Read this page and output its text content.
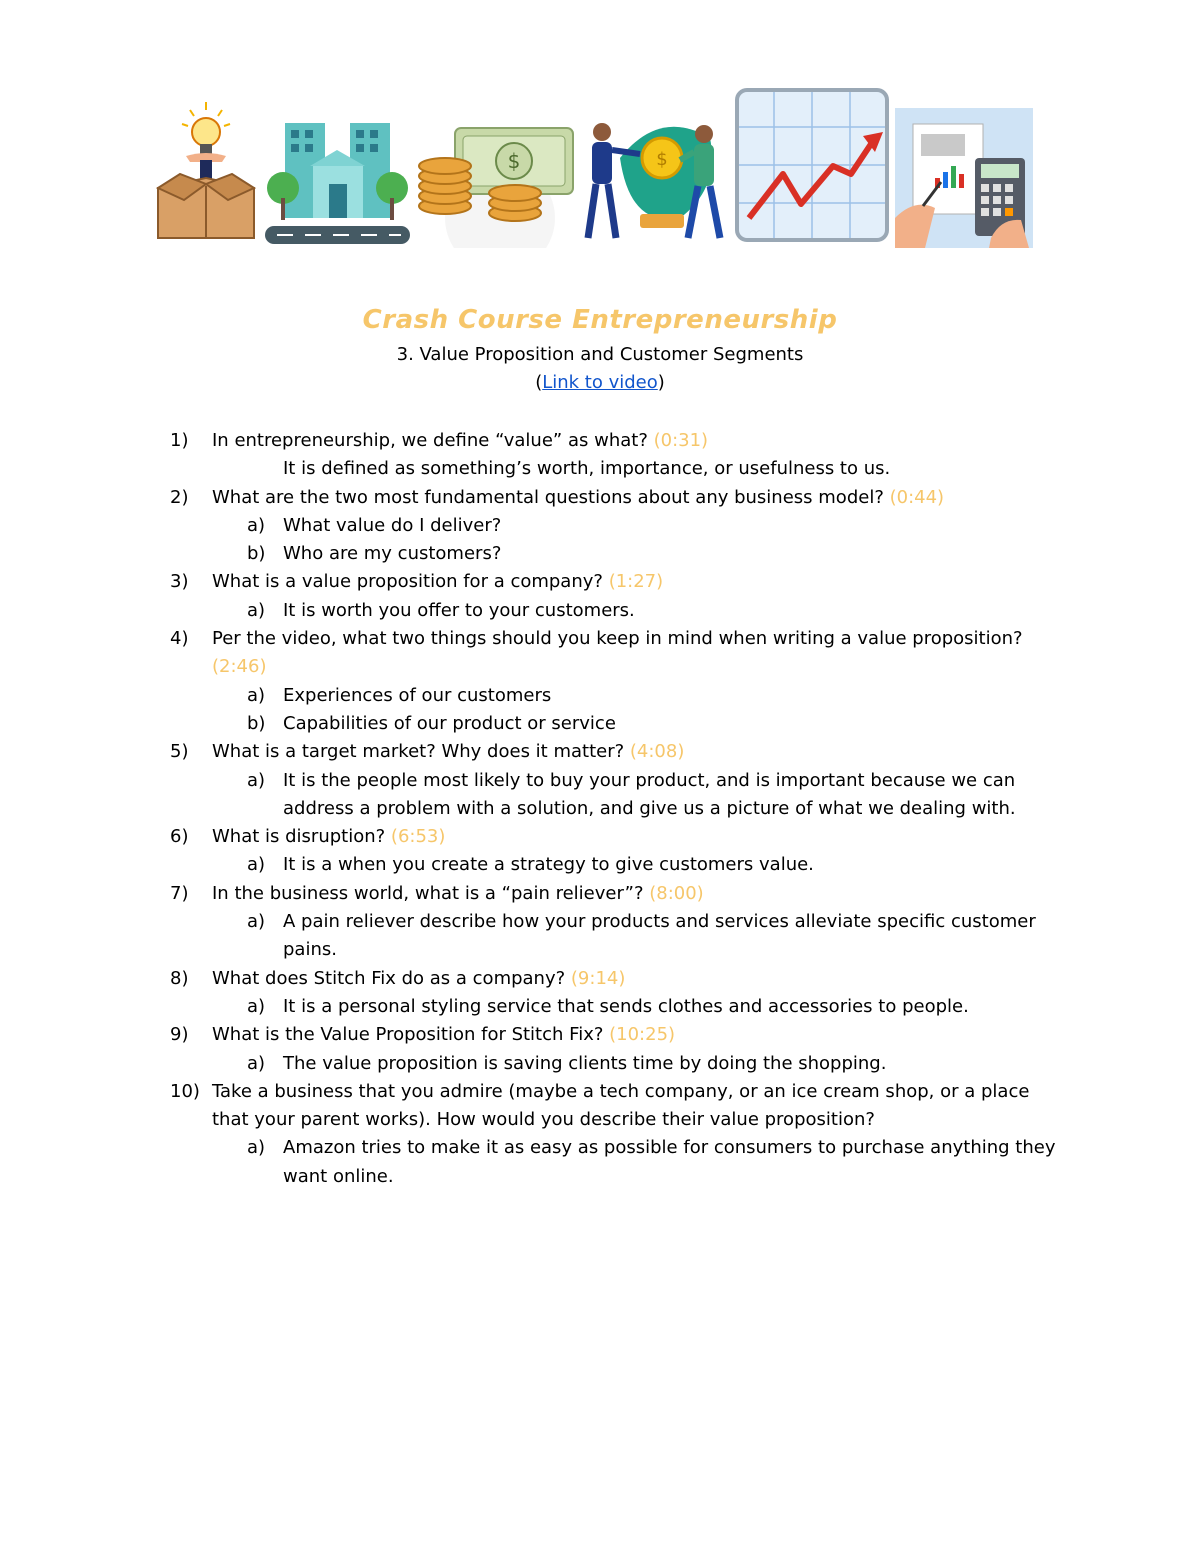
$	$
Crash Course Entrepreneurship
3. Value Proposition and Customer Segments
(Link to video)
1) In entrepreneurship, we define “value” as what? (0:31)
It is defined as something’s worth, importance, or usefulness to us.
2) What are the two most fundamental questions about any business model? (0:44)
a) What value do I deliver?
b) Who are my customers?
3) What is a value proposition for a company? (1:27)
a) It is worth you offer to your customers.
4) Per the video, what two things should you keep in mind when writing a value proposition? (2:46)
a) Experiences of our customers
b) Capabilities of our product or service
5) What is a target market? Why does it matter? (4:08)
a) It is the people most likely to buy your product, and is important because we can address a problem with a solution, and give us a picture of what we dealing with.
6) What is disruption? (6:53)
a) It is a when you create a strategy to give customers value.
7) In the business world, what is a “pain reliever”? (8:00)
a) A pain reliever describe how your products and services alleviate specific customer pains.
8) What does Stitch Fix do as a company? (9:14)
a) It is a personal styling service that sends clothes and accessories to people.
9) What is the Value Proposition for Stitch Fix? (10:25)
a) The value proposition is saving clients time by doing the shopping.
10) Take a business that you admire (maybe a tech company, or an ice cream shop, or a place that your parent works). How would you describe their value proposition?
a) Amazon tries to make it as easy as possible for consumers to purchase anything they want online.
